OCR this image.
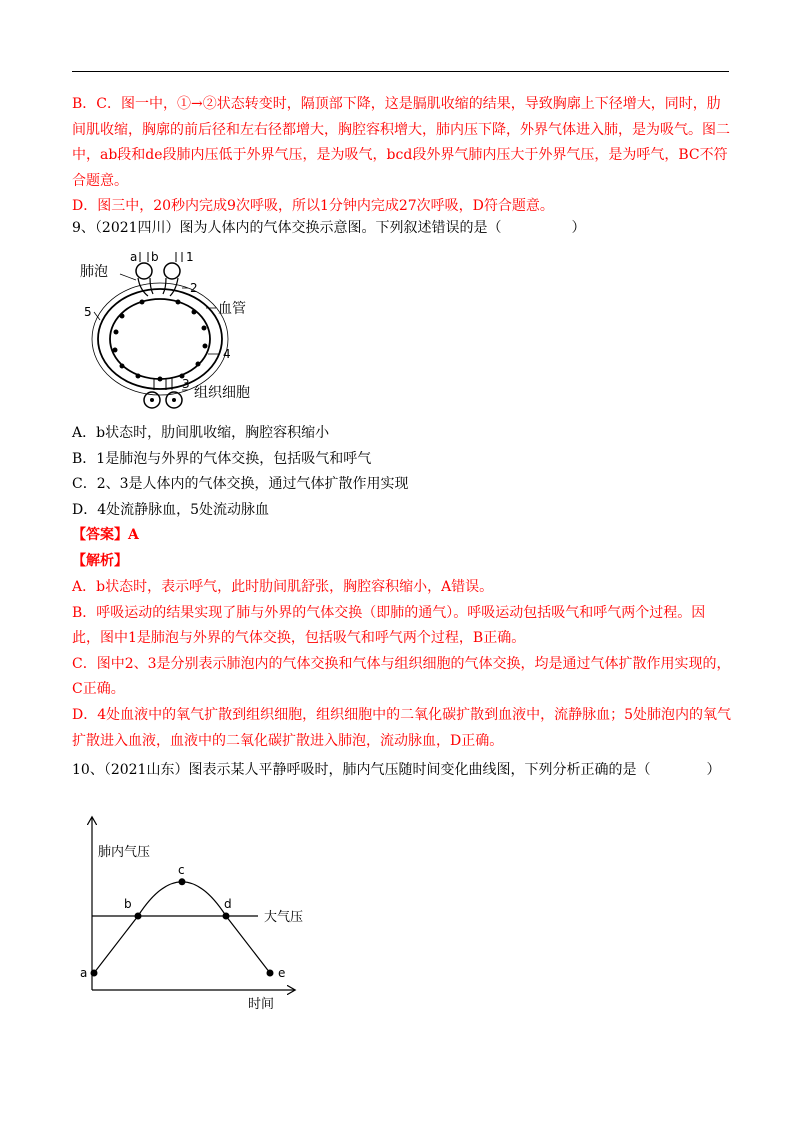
B．C．图一中，①→②状态转变时，隔顶部下降，这是膈肌收缩的结果，导致胸廓上下径增大，同时，肋间肌收缩，胸廓的前后径和左右径都增大，胸腔容积增大，肺内压下降，外界气体进入肺，是为吸气。图二中，ab段和de段肺内压低于外界气压，是为吸气，bcd段外界气肺内压大于外界气压，是为呼气，BC不符合题意。

D．图三中，20秒内完成9次呼吸，所以1分钟内完成27次呼吸，D符合题意。

9、（2021四川）图为人体内的气体交换示意图。下列叙述错误的是（　　　　　）

肺泡
血管
组织细胞
a b 1
2
3
4
5

A．b状态时，肋间肌收缩，胸腔容积缩小

B．1是肺泡与外界的气体交换，包括吸气和呼气

C．2、3是人体内的气体交换，通过气体扩散作用实现

D．4处流静脉血，5处流动脉血

【答案】A

【解析】

A．b状态时，表示呼气，此时肋间肌舒张，胸腔容积缩小，A错误。

B．呼吸运动的结果实现了肺与外界的气体交换（即肺的通气）。呼吸运动包括吸气和呼气两个过程。因此，图中1是肺泡与外界的气体交换，包括吸气和呼气两个过程，B正确。

C．图中2、3是分别表示肺泡内的气体交换和气体与组织细胞的气体交换，均是通过气体扩散作用实现的，C正确。

D．4处血液中的氧气扩散到组织细胞，组织细胞中的二氧化碳扩散到血液中，流静脉血；5处肺泡内的氧气扩散进入血液，血液中的二氧化碳扩散进入肺泡，流动脉血，D正确。

10、（2021山东）图表示某人平静呼吸时，肺内气压随时间变化曲线图，下列分析正确的是（　　　　）

a
b
c
d
e
肺内气压
时间
大气压
